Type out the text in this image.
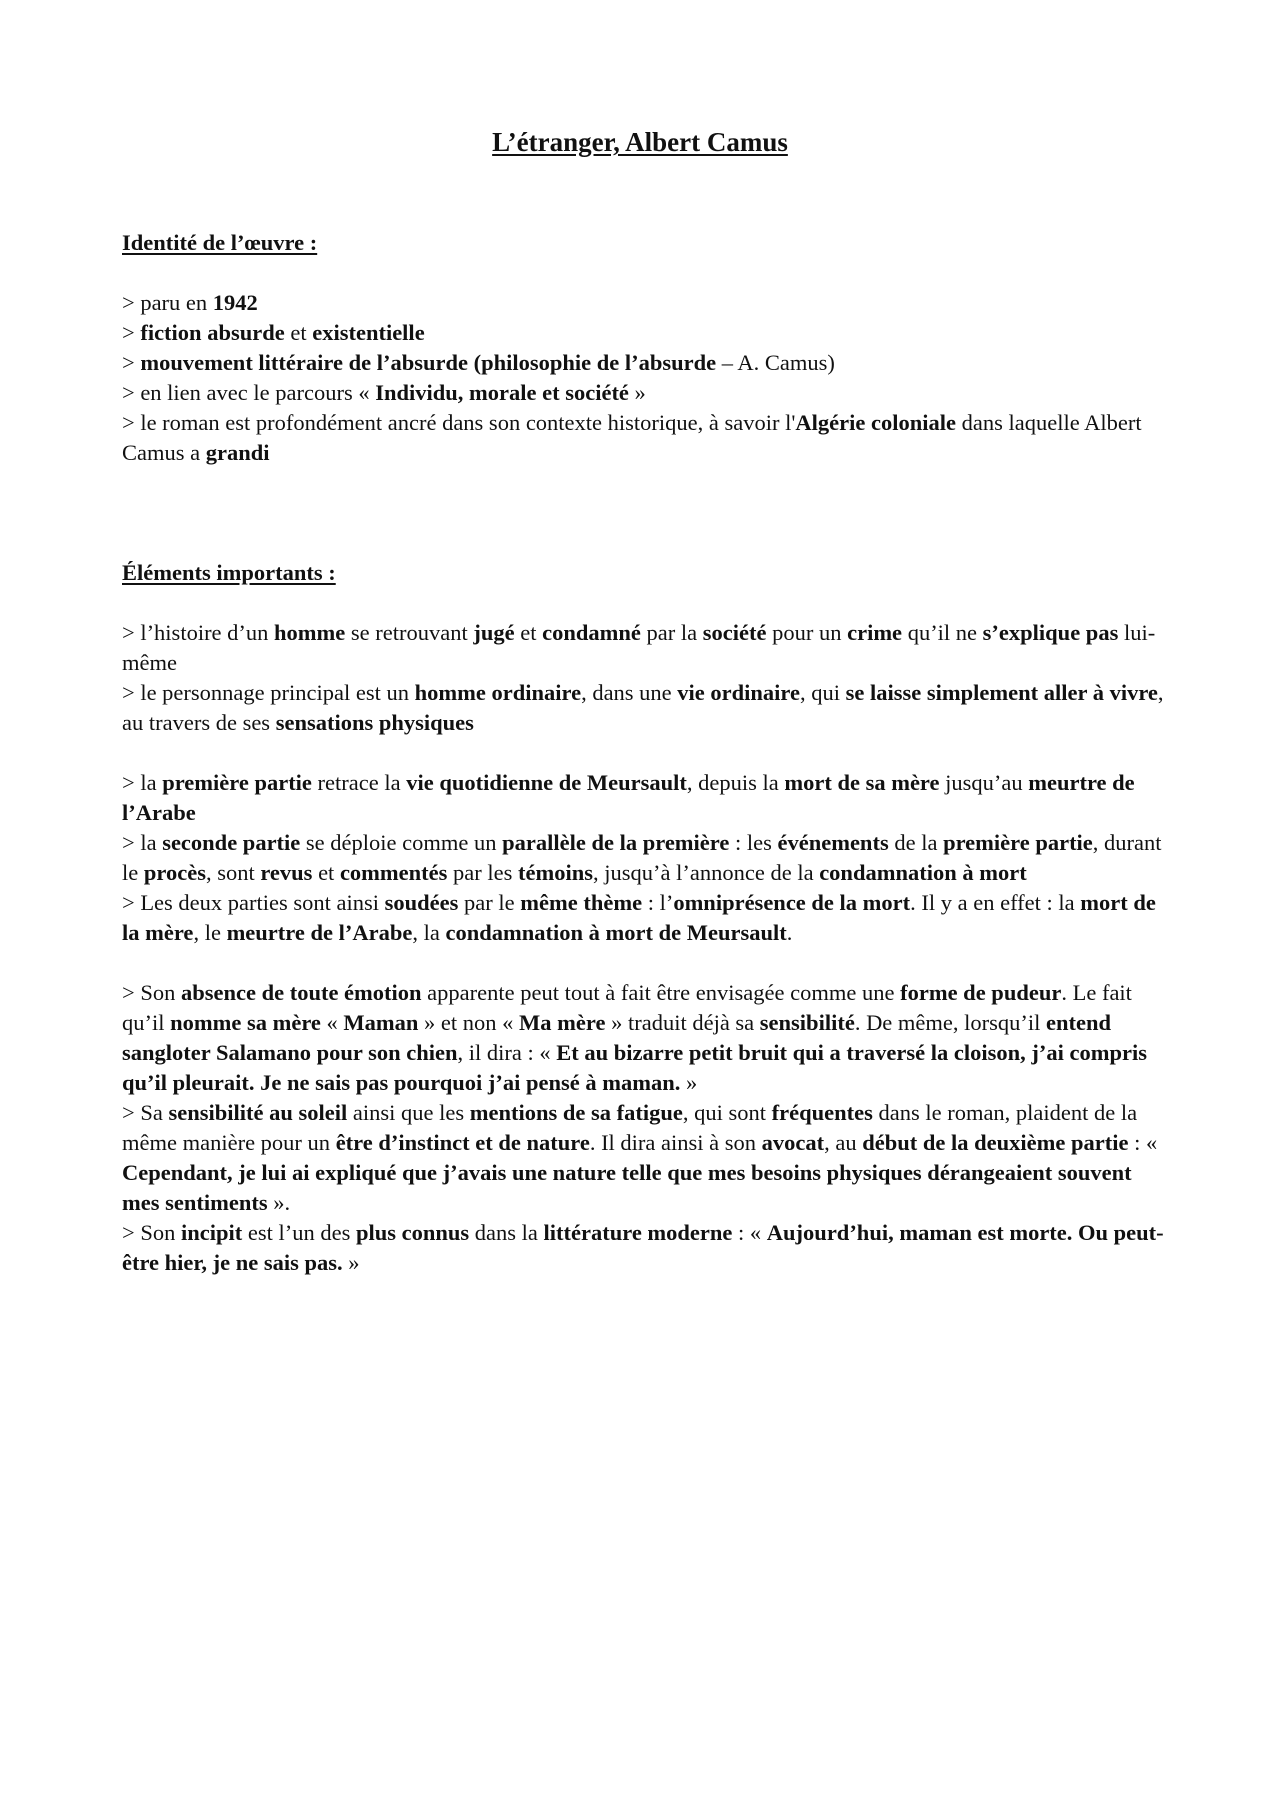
L’étranger, Albert Camus

Identité de l’œuvre :

> paru en 1942

> fiction absurde et existentielle

> mouvement littéraire de l’absurde (philosophie de l’absurde – A. Camus)

> en lien avec le parcours « Individu, morale et société »

> le roman est profondément ancré dans son contexte historique, à savoir l'Algérie coloniale dans laquelle Albert Camus a grandi

Éléments importants :

> l’histoire d’un homme se retrouvant jugé et condamné par la société pour un crime qu’il ne s’explique pas lui-même

> le personnage principal est un homme ordinaire, dans une vie ordinaire, qui se laisse simplement aller à vivre, au travers de ses sensations physiques

> la première partie retrace la vie quotidienne de Meursault, depuis la mort de sa mère jusqu’au meurtre de l’Arabe

> la seconde partie se déploie comme un parallèle de la première : les événements de la première partie, durant le procès, sont revus et commentés par les témoins, jusqu’à l’annonce de la condamnation à mort

> Les deux parties sont ainsi soudées par le même thème : l’omniprésence de la mort. Il y a en effet : la mort de la mère, le meurtre de l’Arabe, la condamnation à mort de Meursault.

> Son absence de toute émotion apparente peut tout à fait être envisagée comme une forme de pudeur. Le fait qu’il nomme sa mère « Maman » et non « Ma mère » traduit déjà sa sensibilité. De même, lorsqu’il entend sangloter Salamano pour son chien, il dira : « Et au bizarre petit bruit qui a traversé la cloison, j’ai compris qu’il pleurait. Je ne sais pas pourquoi j’ai pensé à maman. »

> Sa sensibilité au soleil ainsi que les mentions de sa fatigue, qui sont fréquentes dans le roman, plaident de la même manière pour un être d’instinct et de nature. Il dira ainsi à son avocat, au début de la deuxième partie : « Cependant, je lui ai expliqué que j’avais une nature telle que mes besoins physiques dérangeaient souvent mes sentiments ».

> Son incipit est l’un des plus connus dans la littérature moderne : « Aujourd’hui, maman est morte. Ou peut-être hier, je ne sais pas. »
